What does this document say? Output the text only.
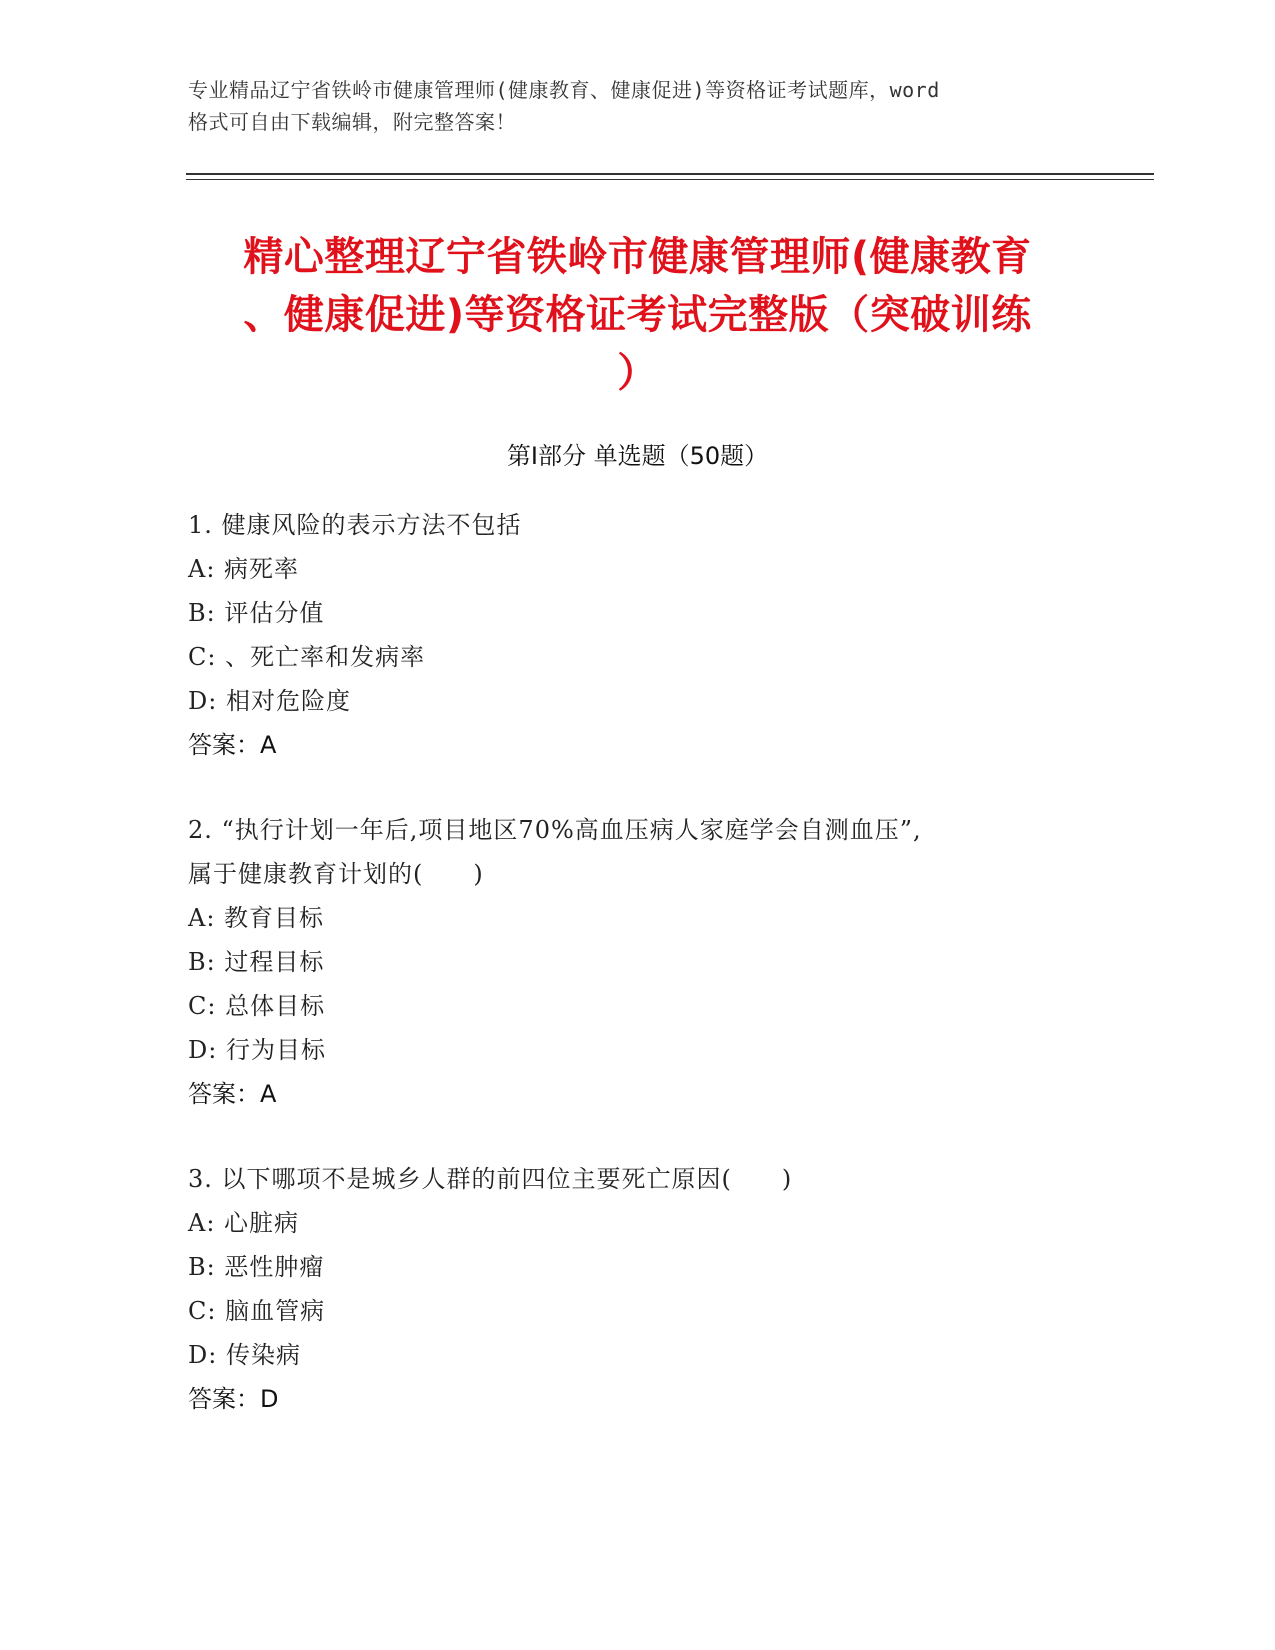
专业精品辽宁省铁岭市健康管理师(健康教育、健康促进)等资格证考试题库，word
格式可自由下载编辑，附完整答案！
精心整理辽宁省铁岭市健康管理师(健康教育
、健康促进)等资格证考试完整版（突破训练
）
第Ⅰ部分 单选题（50题）
1. 健康风险的表示方法不包括
A: 病死率
B: 评估分值
C: 、死亡率和发病率
D: 相对危险度
答案：A
2. “执行计划一年后,项目地区70%高血压病人家庭学会自测血压”,
属于健康教育计划的(　　)
A: 教育目标
B: 过程目标
C: 总体目标
D: 行为目标
答案：A
3. 以下哪项不是城乡人群的前四位主要死亡原因(　　)
A: 心脏病
B: 恶性肿瘤
C: 脑血管病
D: 传染病
答案：D
